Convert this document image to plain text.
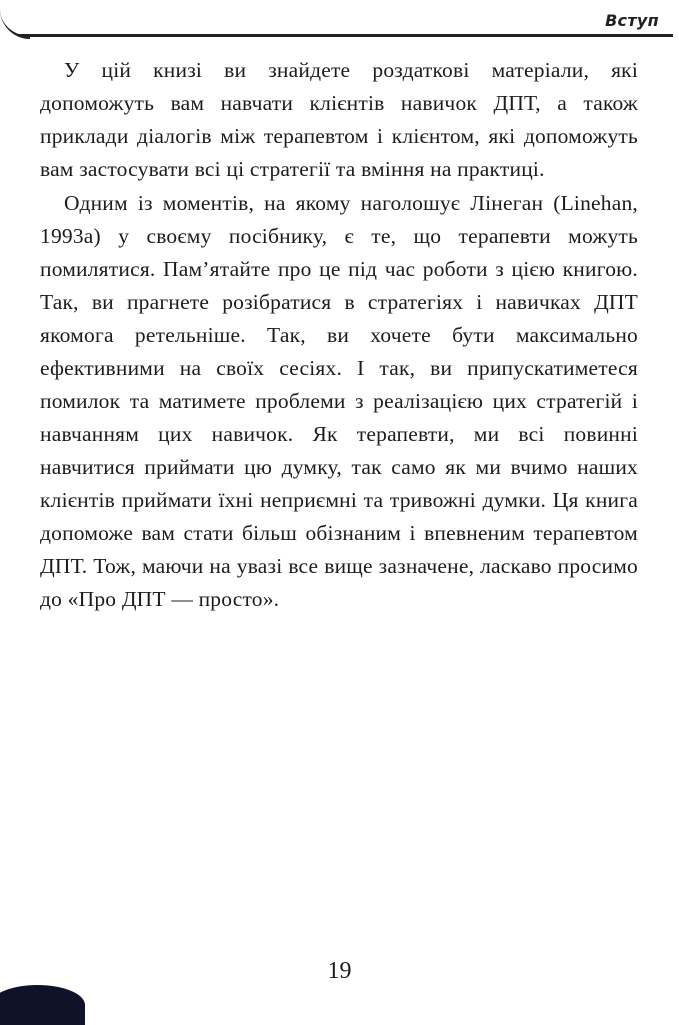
Вступ

У цій книзі ви знайдете роздаткові матеріали, які допоможуть вам навчати клієнтів навичок ДПТ, а також приклади діалогів між терапевтом і клієнтом, які допоможуть вам застосувати всі ці стратегії та вміння на практиці.

Одним із моментів, на якому наголошує Лінеган (Linehan, 1993а) у своєму посібнику, є те, що терапевти можуть помилятися. Пам’ятайте про це під час роботи з цією книгою. Так, ви прагнете розібратися в стратегіях і навичках ДПТ якомога ретельніше. Так, ви хочете бути максимально ефективними на своїх сесіях. І так, ви припускатиметеся помилок та матимете проблеми з реалізацією цих стратегій і навчанням цих навичок. Як терапевти, ми всі повинні навчитися приймати цю думку, так само як ми вчимо наших клієнтів приймати їхні неприємні та тривожні думки. Ця книга допоможе вам стати більш обізнаним і впевненим терапевтом ДПТ. Тож, маючи на увазі все вище зазначене, ласкаво просимо до «Про ДПТ — просто».

19
